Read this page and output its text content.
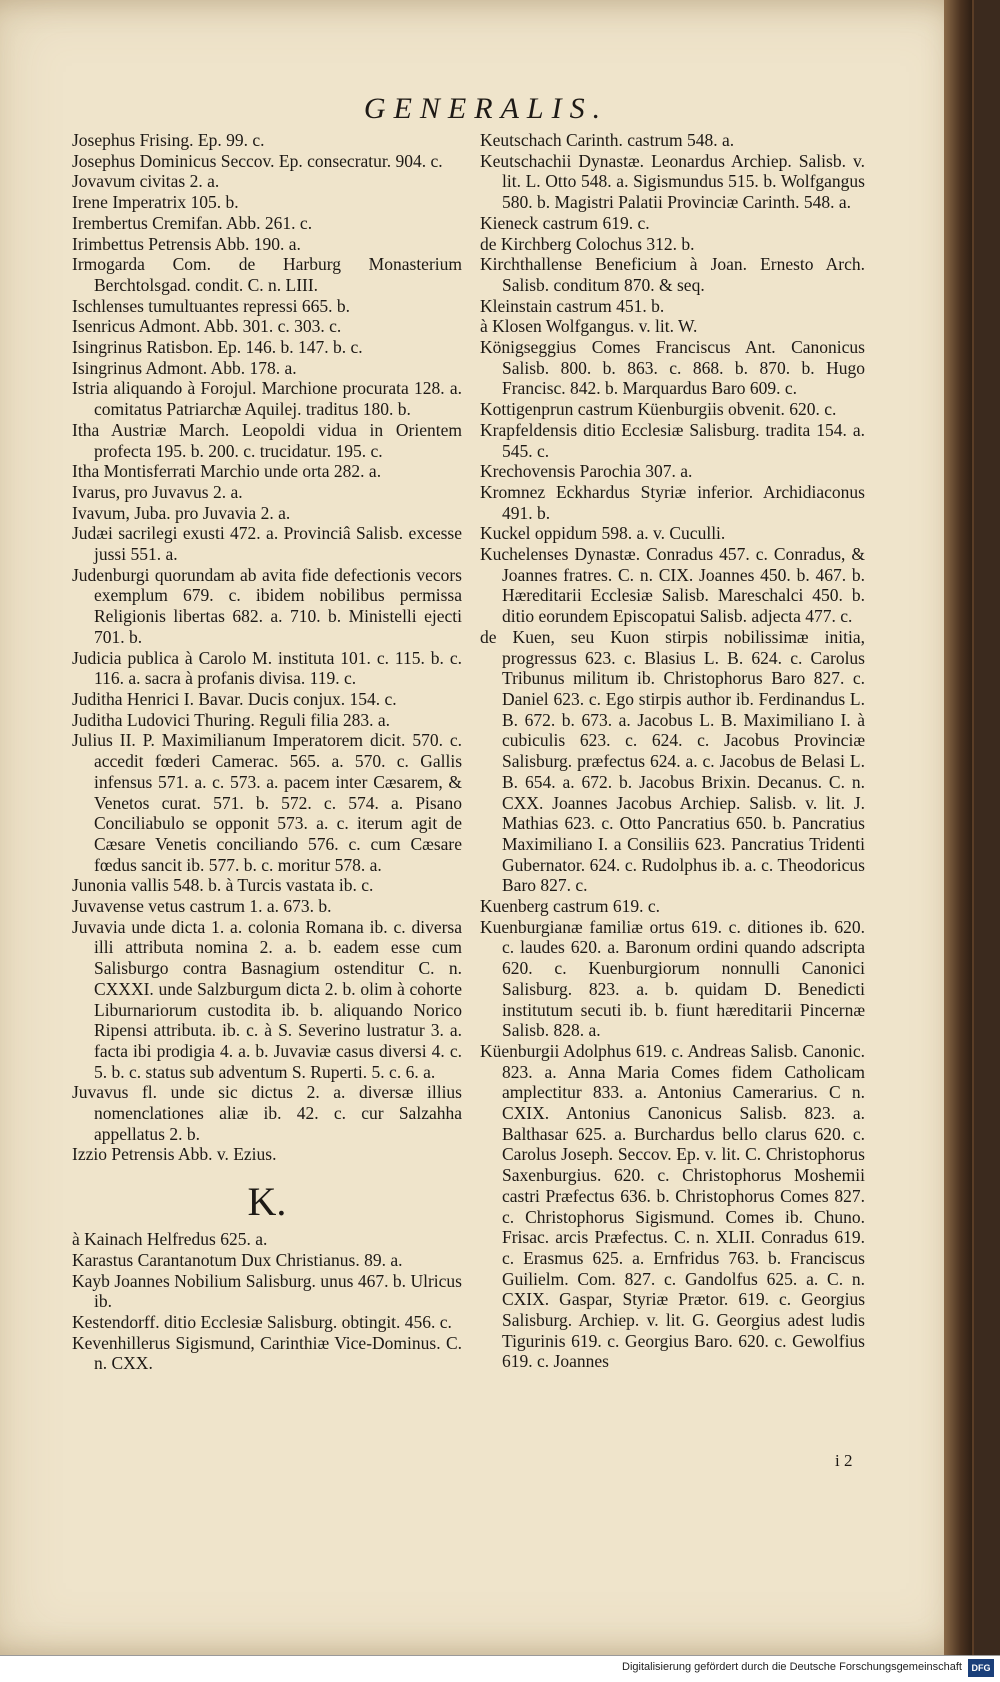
GENERALIS.

Josephus Frising. Ep. 99. c.

Josephus Dominicus Seccov. Ep. consecratur. 904. c.

Jovavum civitas 2. a.

Irene Imperatrix 105. b.

Irembertus Cremifan. Abb. 261. c.

Irimbettus Petrensis Abb. 190. a.

Irmogarda Com. de Harburg Monasterium Berchtolsgad. condit. C. n. LIII.

Ischlenses tumultuantes repressi 665. b.

Isenricus Admont. Abb. 301. c. 303. c.

Isingrinus Ratisbon. Ep. 146. b. 147. b. c.

Isingrinus Admont. Abb. 178. a.

Istria aliquando à Forojul. Marchione procurata 128. a. comitatus Patriarchæ Aquilej. traditus 180. b.

Itha Austriæ March. Leopoldi vidua in Orientem profecta 195. b. 200. c. trucidatur. 195. c.

Itha Montisferrati Marchio unde orta 282. a.

Ivarus, pro Juvavus 2. a.

Ivavum, Juba. pro Juvavia 2. a.

Judæi sacrilegi exusti 472. a. Provinciâ Salisb. excesse jussi 551. a.

Judenburgi quorundam ab avita fide defectionis vecors exemplum 679. c. ibidem nobilibus permissa Religionis libertas 682. a. 710. b. Ministelli ejecti 701. b.

Judicia publica à Carolo M. instituta 101. c. 115. b. c. 116. a. sacra à profanis divisa. 119. c.

Juditha Henrici I. Bavar. Ducis conjux. 154. c.

Juditha Ludovici Thuring. Reguli filia 283. a.

Julius II. P. Maximilianum Imperatorem dicit. 570. c. accedit fœderi Camerac. 565. a. 570. c. Gallis infensus 571. a. c. 573. a. pacem inter Cæsarem, & Venetos curat. 571. b. 572. c. 574. a. Pisano Conciliabulo se opponit 573. a. c. iterum agit de Cæsare Venetis conciliando 576. c. cum Cæsare fœdus sancit ib. 577. b. c. moritur 578. a.

Junonia vallis 548. b. à Turcis vastata ib. c.

Juvavense vetus castrum 1. a. 673. b.

Juvavia unde dicta 1. a. colonia Romana ib. c. diversa illi attributa nomina 2. a. b. eadem esse cum Salisburgo contra Basnagium ostenditur C. n. CXXXI. unde Salzburgum dicta 2. b. olim à cohorte Liburnariorum custodita ib. b. aliquando Norico Ripensi attributa. ib. c. à S. Severino lustratur 3. a. facta ibi prodigia 4. a. b. Juvaviæ casus diversi 4. c. 5. b. c. status sub adventum S. Ruperti. 5. c. 6. a.

Juvavus fl. unde sic dictus 2. a. diversæ illius nomenclationes aliæ ib. 42. c. cur Salzahha appellatus 2. b.

Izzio Petrensis Abb. v. Ezius.

K.

à Kainach Helfredus 625. a.

Karastus Carantanotum Dux Christianus. 89. a.

Kayb Joannes Nobilium Salisburg. unus 467. b. Ulricus ib.

Kestendorff. ditio Ecclesiæ Salisburg. obtingit. 456. c.

Kevenhillerus Sigismund, Carinthiæ Vice-Dominus. C. n. CXX.

Keutschach Carinth. castrum 548. a.

Keutschachii Dynastæ. Leonardus Archiep. Salisb. v. lit. L. Otto 548. a. Sigismundus 515. b. Wolfgangus 580. b. Magistri Palatii Provinciæ Carinth. 548. a.

Kieneck castrum 619. c.

de Kirchberg Colochus 312. b.

Kirchthallense Beneficium à Joan. Ernesto Arch. Salisb. conditum 870. & seq.

Kleinstain castrum 451. b.

à Klosen Wolfgangus. v. lit. W.

Königseggius Comes Franciscus Ant. Canonicus Salisb. 800. b. 863. c. 868. b. 870. b. Hugo Francisc. 842. b. Marquardus Baro 609. c.

Kottigenprun castrum Küenburgiis obvenit. 620. c.

Krapfeldensis ditio Ecclesiæ Salisburg. tradita 154. a. 545. c.

Krechovensis Parochia 307. a.

Kromnez Eckhardus Styriæ inferior. Archidiaconus 491. b.

Kuckel oppidum 598. a. v. Cuculli.

Kuchelenses Dynastæ. Conradus 457. c. Conradus, & Joannes fratres. C. n. CIX. Joannes 450. b. 467. b. Hæreditarii Ecclesiæ Salisb. Mareschalci 450. b. ditio eorundem Episcopatui Salisb. adjecta 477. c.

de Kuen, seu Kuon stirpis nobilissimæ initia, progressus 623. c. Blasius L. B. 624. c. Carolus Tribunus militum ib. Christophorus Baro 827. c. Daniel 623. c. Ego stirpis author ib. Ferdinandus L. B. 672. b. 673. a. Jacobus L. B. Maximiliano I. à cubiculis 623. c. 624. c. Jacobus Provinciæ Salisburg. præfectus 624. a. c. Jacobus de Belasi L. B. 654. a. 672. b. Jacobus Brixin. Decanus. C. n. CXX. Joannes Jacobus Archiep. Salisb. v. lit. J. Mathias 623. c. Otto Pancratius 650. b. Pancratius Maximiliano I. a Consiliis 623. Pancratius Tridenti Gubernator. 624. c. Rudolphus ib. a. c. Theodoricus Baro 827. c.

Kuenberg castrum 619. c.

Kuenburgianæ familiæ ortus 619. c. ditiones ib. 620. c. laudes 620. a. Baronum ordini quando adscripta 620. c. Kuenburgiorum nonnulli Canonici Salisburg. 823. a. b. quidam D. Benedicti institutum secuti ib. b. fiunt hæreditarii Pincernæ Salisb. 828. a.

Küenburgii Adolphus 619. c. Andreas Salisb. Canonic. 823. a. Anna Maria Comes fidem Catholicam amplectitur 833. a. Antonius Camerarius. C n. CXIX. Antonius Canonicus Salisb. 823. a. Balthasar 625. a. Burchardus bello clarus 620. c. Carolus Joseph. Seccov. Ep. v. lit. C. Christophorus Saxenburgius. 620. c. Christophorus Moshemii castri Præfectus 636. b. Christophorus Comes 827. c. Christophorus Sigismund. Comes ib. Chuno. Frisac. arcis Præfectus. C. n. XLII. Conradus 619. c. Erasmus 625. a. Ernfridus 763. b. Franciscus Guilielm. Com. 827. c. Gandolfus 625. a. C. n. CXIX. Gaspar, Styriæ Prætor. 619. c. Georgius Salisburg. Archiep. v. lit. G. Georgius adest ludis Tigurinis 619. c. Georgius Baro. 620. c. Gewolfius 619. c. Joannes

i 2
Digitalisierung gefördert durch die Deutsche Forschungsgemeinschaft	DFG
